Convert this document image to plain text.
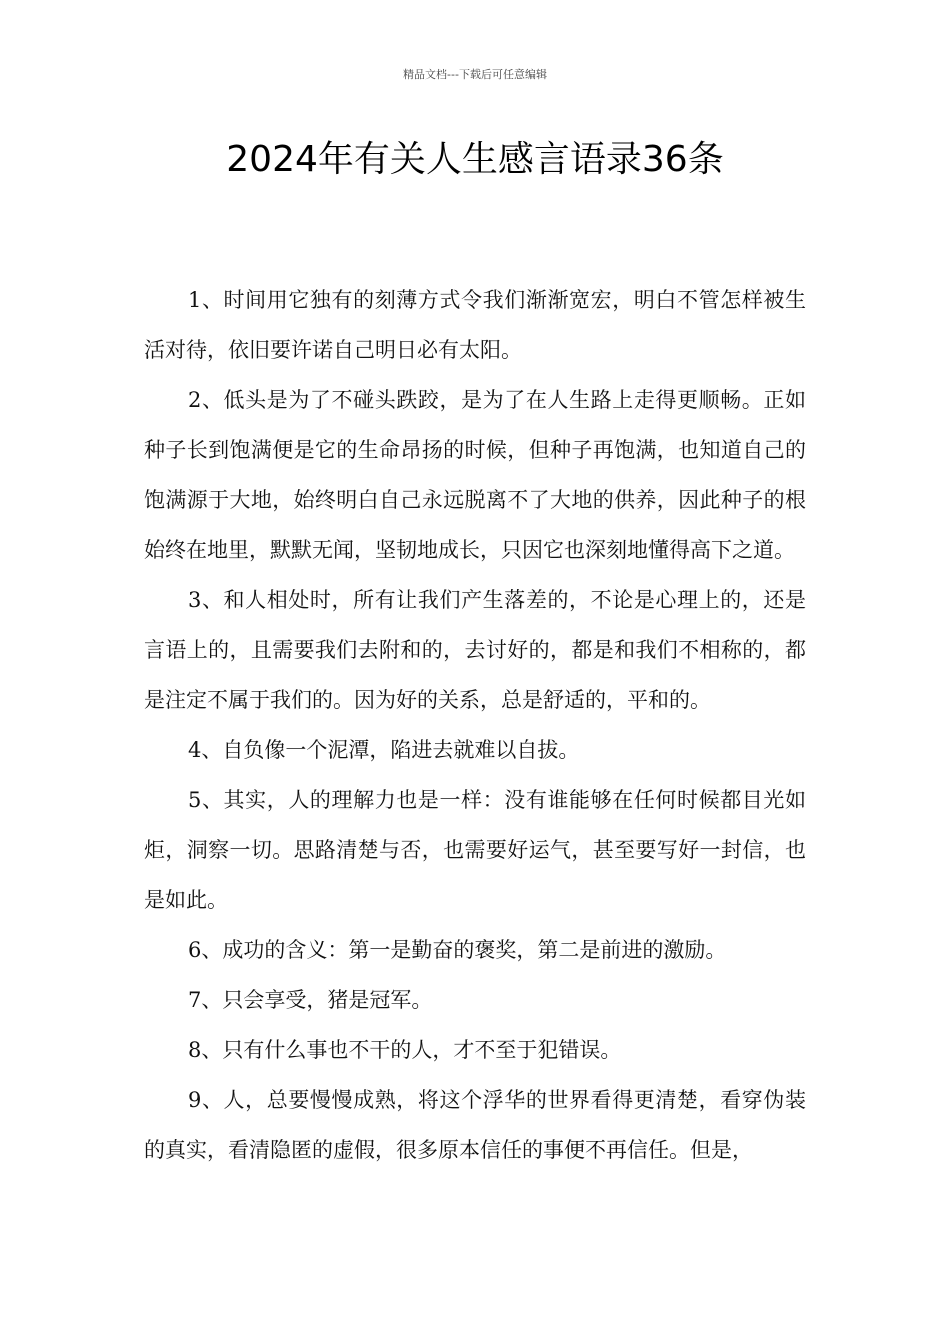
精品文档---下载后可任意编辑
2024年有关人生感言语录36条

1、时间用它独有的刻薄方式令我们渐渐宽宏，明白不管怎样被生活对待，依旧要许诺自己明日必有太阳。

2、低头是为了不碰头跌跤，是为了在人生路上走得更顺畅。正如种子长到饱满便是它的生命昂扬的时候，但种子再饱满，也知道自己的饱满源于大地，始终明白自己永远脱离不了大地的供养，因此种子的根始终在地里，默默无闻，坚韧地成长，只因它也深刻地懂得高下之道。

3、和人相处时，所有让我们产生落差的，不论是心理上的，还是言语上的，且需要我们去附和的，去讨好的，都是和我们不相称的，都是注定不属于我们的。因为好的关系，总是舒适的，平和的。

4、自负像一个泥潭，陷进去就难以自拔。

5、其实，人的理解力也是一样：没有谁能够在任何时候都目光如炬，洞察一切。思路清楚与否，也需要好运气，甚至要写好一封信，也是如此。

6、成功的含义：第一是勤奋的褒奖，第二是前进的激励。

7、只会享受，猪是冠军。

8、只有什么事也不干的人，才不至于犯错误。

9、人，总要慢慢成熟，将这个浮华的世界看得更清楚，看穿伪装的真实，看清隐匿的虚假，很多原本信任的事便不再信任。但是，
